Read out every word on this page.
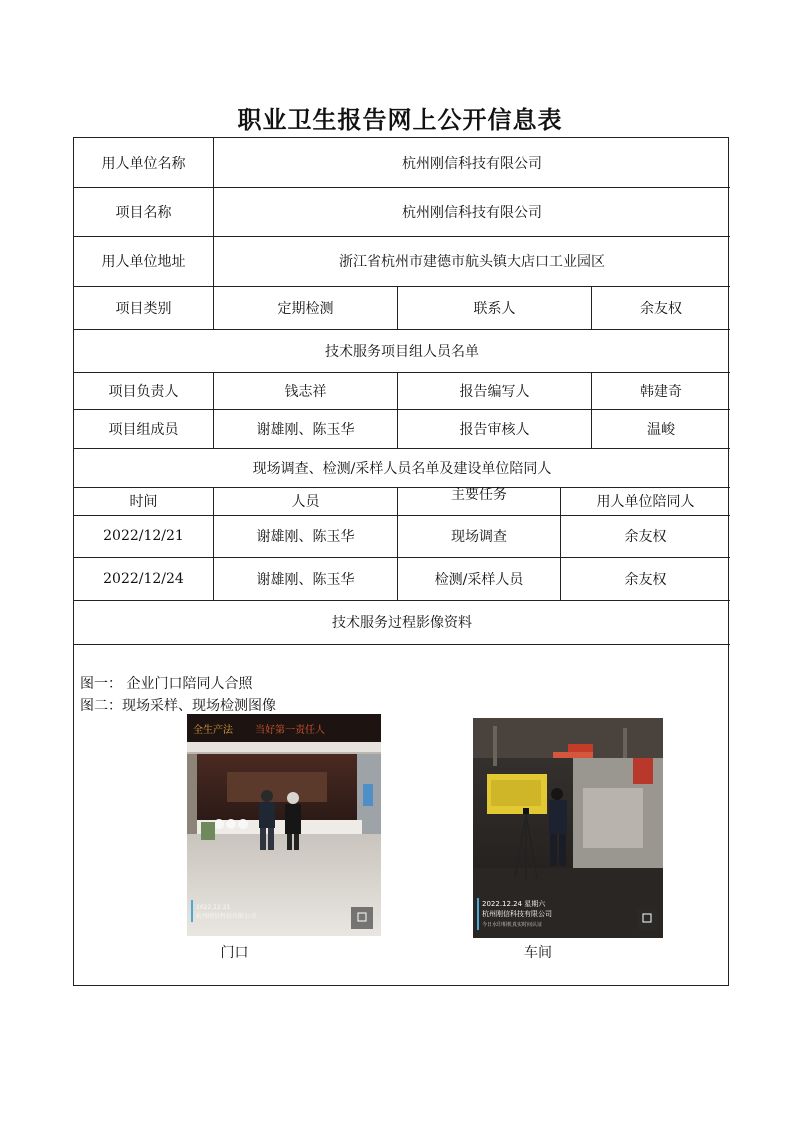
职业卫生报告网上公开信息表
用人单位名称	杭州刚信科技有限公司
项目名称	杭州刚信科技有限公司
用人单位地址	浙江省杭州市建德市航头镇大店口工业园区
项目类别	定期检测	联系人	余友权
技术服务项目组人员名单
项目负责人	钱志祥	报告编写人	韩建奇
项目组成员	谢雄刚、陈玉华	报告审核人	温峻
现场调查、检测/采样人员名单及建设单位陪同人
时间	人员	主要任务	用人单位陪同人
2022/12/21	谢雄刚、陈玉华	现场调查	余友权
2022/12/24	谢雄刚、陈玉华	检测/采样人员	余友权
技术服务过程影像资料
图一： 企业门口陪同人合照
图二：现场采样、现场检测图像
全生产法 当好第一责任人
2022.12.21
杭州刚信科技有限公司
门口
2022.12.24 星期六
杭州刚信科技有限公司
今日水印相机真实时间认证
车间
